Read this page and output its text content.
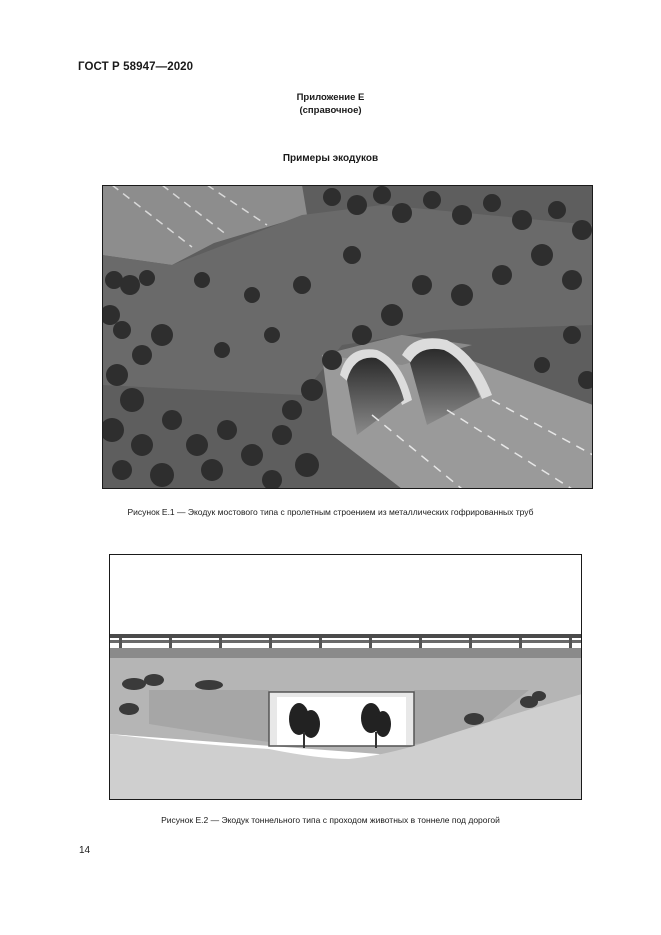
ГОСТ Р 58947—2020
Приложение Е
(справочное)
Примеры экодуков
Рисунок Е.1 — Экодук мостового типа с пролетным строением из металлических гофрированных труб
Рисунок Е.2 — Экодук тоннельного типа с проходом животных в тоннеле под дорогой
14
